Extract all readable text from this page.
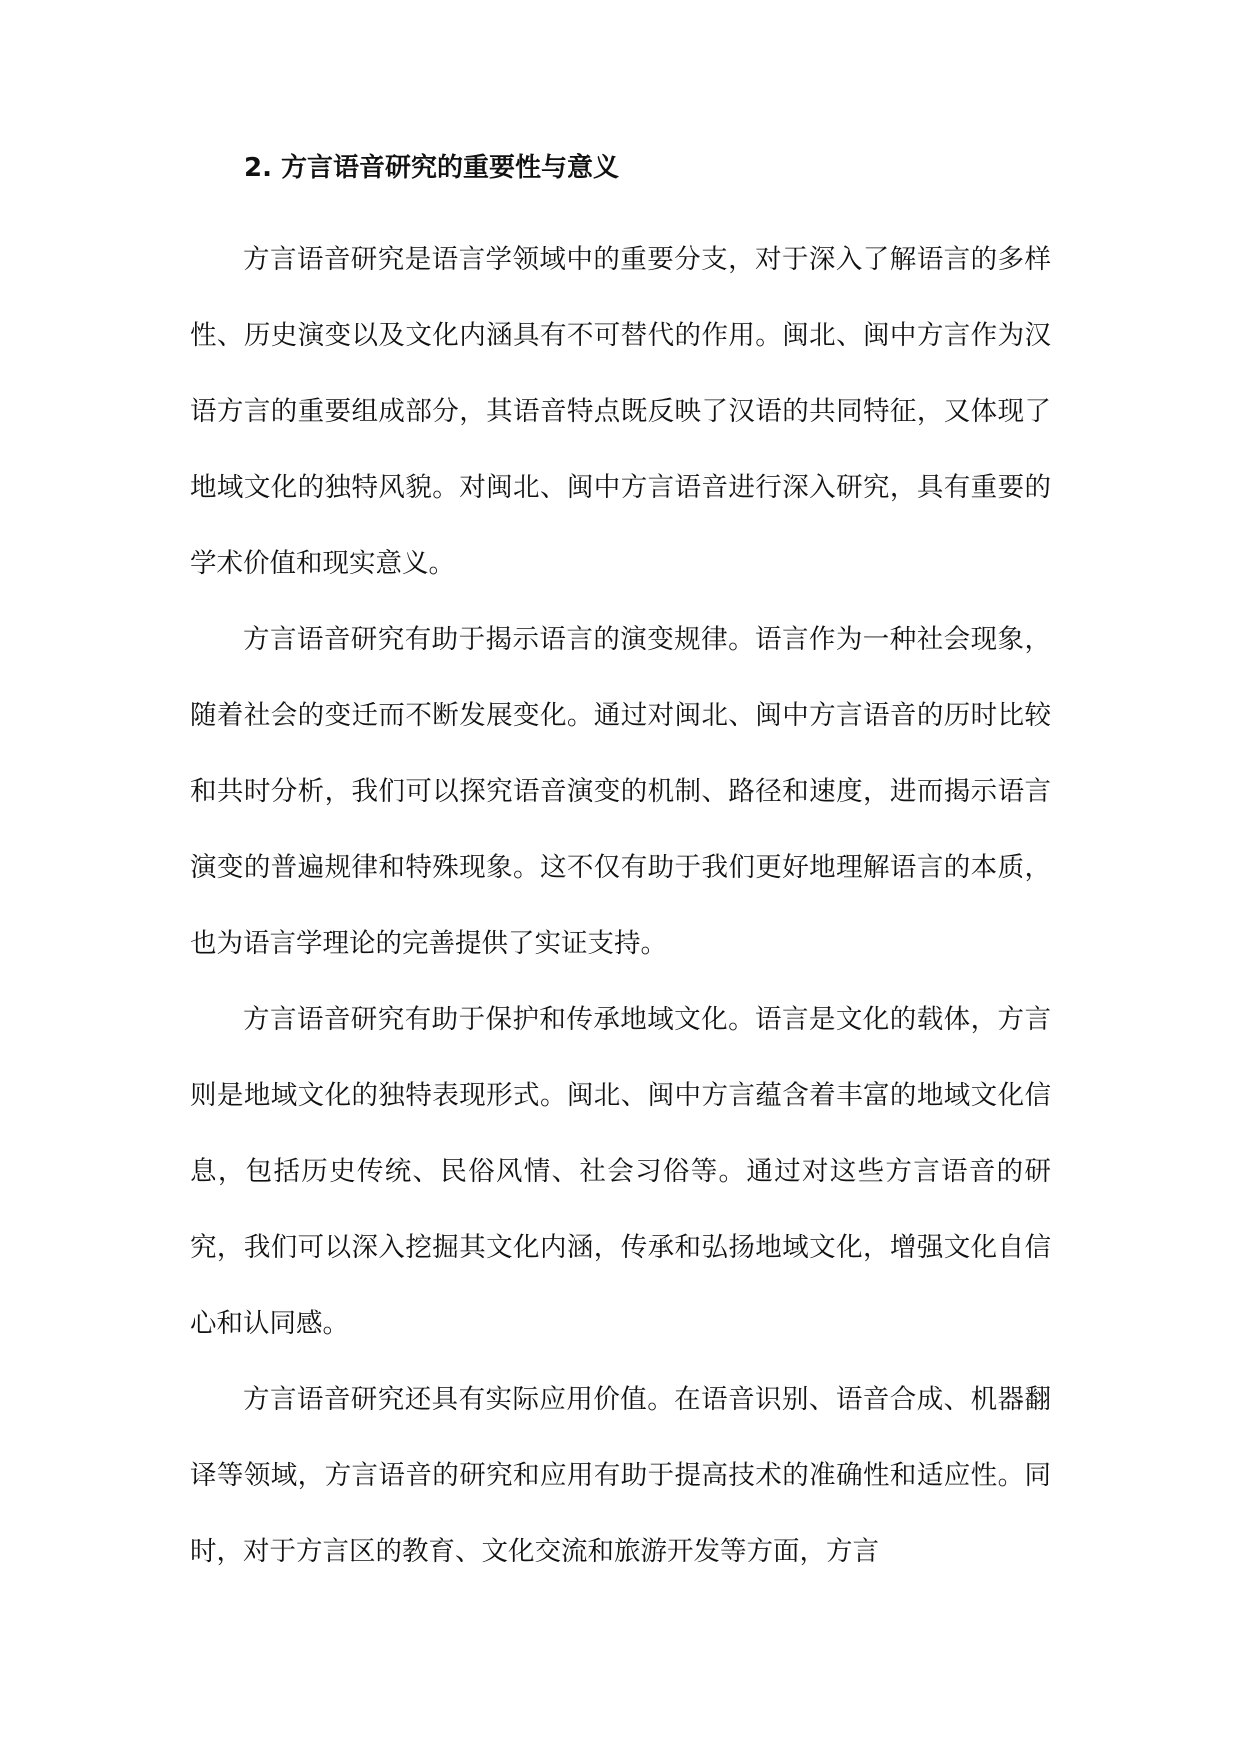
2. 方言语音研究的重要性与意义

方言语音研究是语言学领域中的重要分支，对于深入了解语言的多样性、历史演变以及文化内涵具有不可替代的作用。闽北、闽中方言作为汉语方言的重要组成部分，其语音特点既反映了汉语的共同特征，又体现了地域文化的独特风貌。对闽北、闽中方言语音进行深入研究，具有重要的学术价值和现实意义。

方言语音研究有助于揭示语言的演变规律。语言作为一种社会现象，随着社会的变迁而不断发展变化。通过对闽北、闽中方言语音的历时比较和共时分析，我们可以探究语音演变的机制、路径和速度，进而揭示语言演变的普遍规律和特殊现象。这不仅有助于我们更好地理解语言的本质，也为语言学理论的完善提供了实证支持。

方言语音研究有助于保护和传承地域文化。语言是文化的载体，方言则是地域文化的独特表现形式。闽北、闽中方言蕴含着丰富的地域文化信息，包括历史传统、民俗风情、社会习俗等。通过对这些方言语音的研究，我们可以深入挖掘其文化内涵，传承和弘扬地域文化，增强文化自信心和认同感。

方言语音研究还具有实际应用价值。在语音识别、语音合成、机器翻译等领域，方言语音的研究和应用有助于提高技术的准确性和适应性。同时，对于方言区的教育、文化交流和旅游开发等方面，方言
